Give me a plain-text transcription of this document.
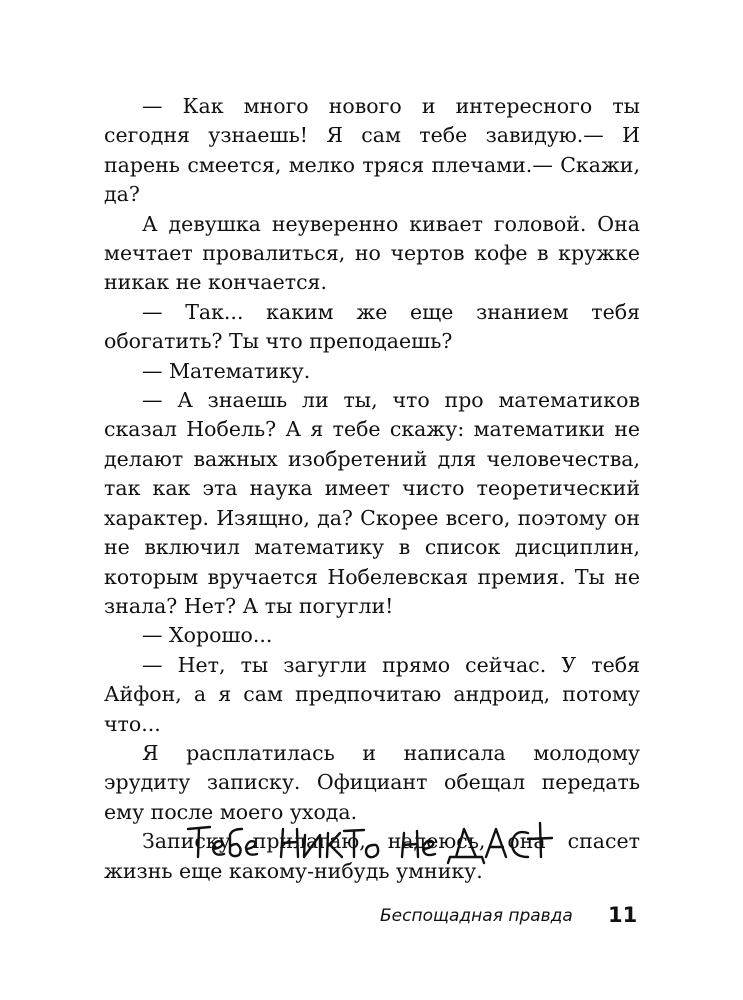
— Как много нового и интересного ты сегодня узнаешь! Я сам тебе завидую.— И парень смеется, мелко тряся плечами.— Скажи, да?

А девушка неуверенно кивает головой. Она мечтает провалиться, но чертов кофе в кружке никак не кончается.

— Так... каким же еще знанием тебя обогатить? Ты что преподаешь?

— Математику.

— А знаешь ли ты, что про математиков сказал Нобель? А я тебе скажу: математики не делают важных изобретений для человечества, так как эта наука имеет чисто теоретический характер. Изящно, да? Скорее всего, поэтому он не включил математику в список дисциплин, которым вручается Нобелевская премия. Ты не знала? Нет? А ты погугли!

— Хорошо...

— Нет, ты загугли прямо сейчас. У тебя Айфон, а я сам предпочитаю андроид, потому что...

Я расплатилась и написала молодому эрудиту записку. Официант обещал передать ему после моего ухода.

Записку прилагаю, надеюсь, она спасет жизнь еще какому-нибудь умнику.

Беспощадная правда 11
